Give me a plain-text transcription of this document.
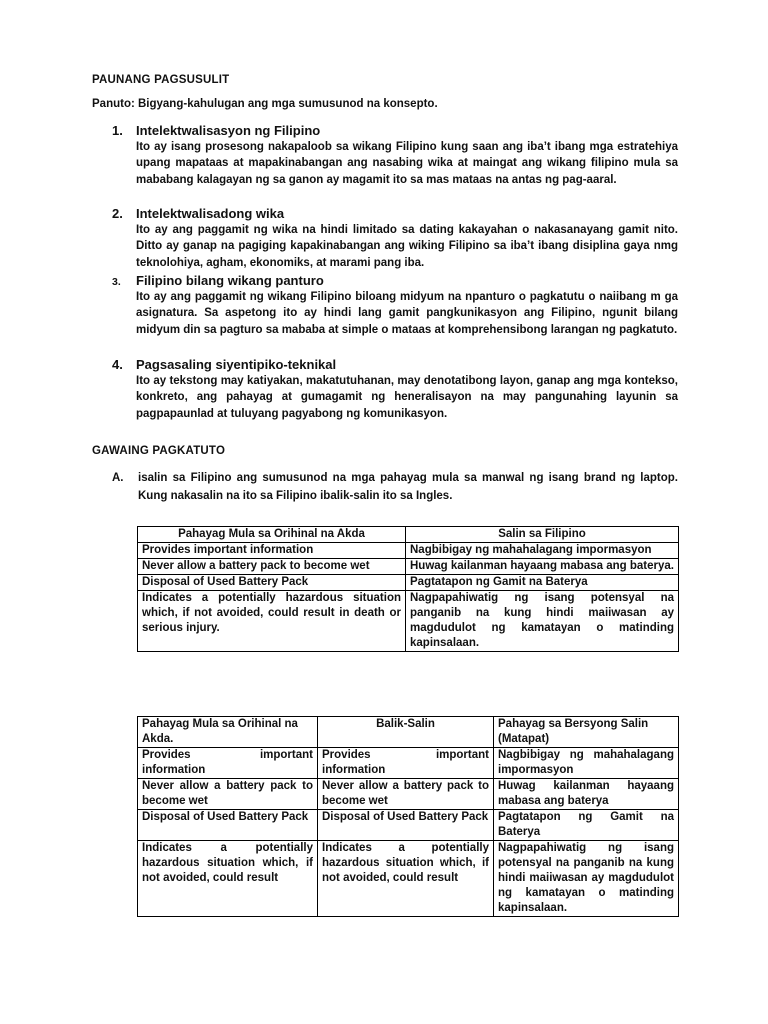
PAUNANG PAGSUSULIT
Panuto: Bigyang-kahulugan ang mga sumusunod na konsepto.
1. Intelektwalisasyon ng Filipino
Ito ay isang prosesong nakapaloob sa wikang Filipino kung saan ang iba’t ibang mga estratehiya upang mapataas at mapakinabangan ang nasabing wika at maingat ang wikang filipino mula sa mababang kalagayan ng sa ganon ay magamit ito sa mas mataas na antas ng pag-aaral.
2. Intelektwalisadong wika
Ito ay ang paggamit ng wika na hindi limitado sa dating kakayahan o nakasanayang gamit nito. Ditto ay ganap na pagiging kapakinabangan ang wiking Filipino sa iba’t ibang disiplina gaya nmg teknolohiya, agham, ekonomiks, at marami pang iba.
3. Filipino bilang wikang panturo
Ito ay ang paggamit ng wikang Filipino biloang midyum na npanturo o pagkatutu o naiibang m ga asignatura. Sa aspetong ito ay hindi lang gamit pangkunikasyon ang Filipino, ngunit bilang midyum din sa pagturo sa mababa at simple o mataas at komprehensibong larangan ng pagkatuto.
4. Pagsasaling siyentipiko-teknikal
Ito ay tekstong may katiyakan, makatutuhanan, may denotatibong layon, ganap ang mga kontekso, konkreto, ang pahayag at gumagamit ng heneralisayon na may pangunahing layunin sa pagpapaunlad at tuluyang pagyabong ng komunikasyon.
GAWAING PAGKATUTO
A. isalin sa Filipino ang sumusunod na mga pahayag mula sa manwal ng isang brand ng laptop. Kung nakasalin na ito sa Filipino ibalik-salin ito sa Ingles.
Pahayag Mula sa Orihinal na Akda	Salin sa Filipino
Provides important information	Nagbibigay ng mahahalagang impormasyon
Never allow a battery pack to become wet	Huwag kailanman hayaang mabasa ang baterya.
Disposal of Used Battery Pack	Pagtatapon ng Gamit na Baterya
Indicates a potentially hazardous situation which, if not avoided, could result in death or serious injury.	Nagpapahiwatig ng isang potensyal na panganib na kung hindi maiiwasan ay magdudulot ng kamatayan o matinding kapinsalaan.
Pahayag Mula sa Orihinal na Akda.	Balik-Salin	Pahayag sa Bersyong Salin (Matapat)
Provides important information	Provides important information	Nagbibigay ng mahahalagang impormasyon
Never allow a battery pack to become wet	Never allow a battery pack to become wet	Huwag kailanman hayaang mabasa ang baterya
Disposal of Used Battery Pack	Disposal of Used Battery Pack	Pagtatapon ng Gamit na Baterya
Indicates a potentially hazardous situation which, if not avoided, could result	Indicates a potentially hazardous situation which, if not avoided, could result	Nagpapahiwatig ng isang potensyal na panganib na kung hindi maiiwasan ay magdudulot ng kamatayan o matinding kapinsalaan.
